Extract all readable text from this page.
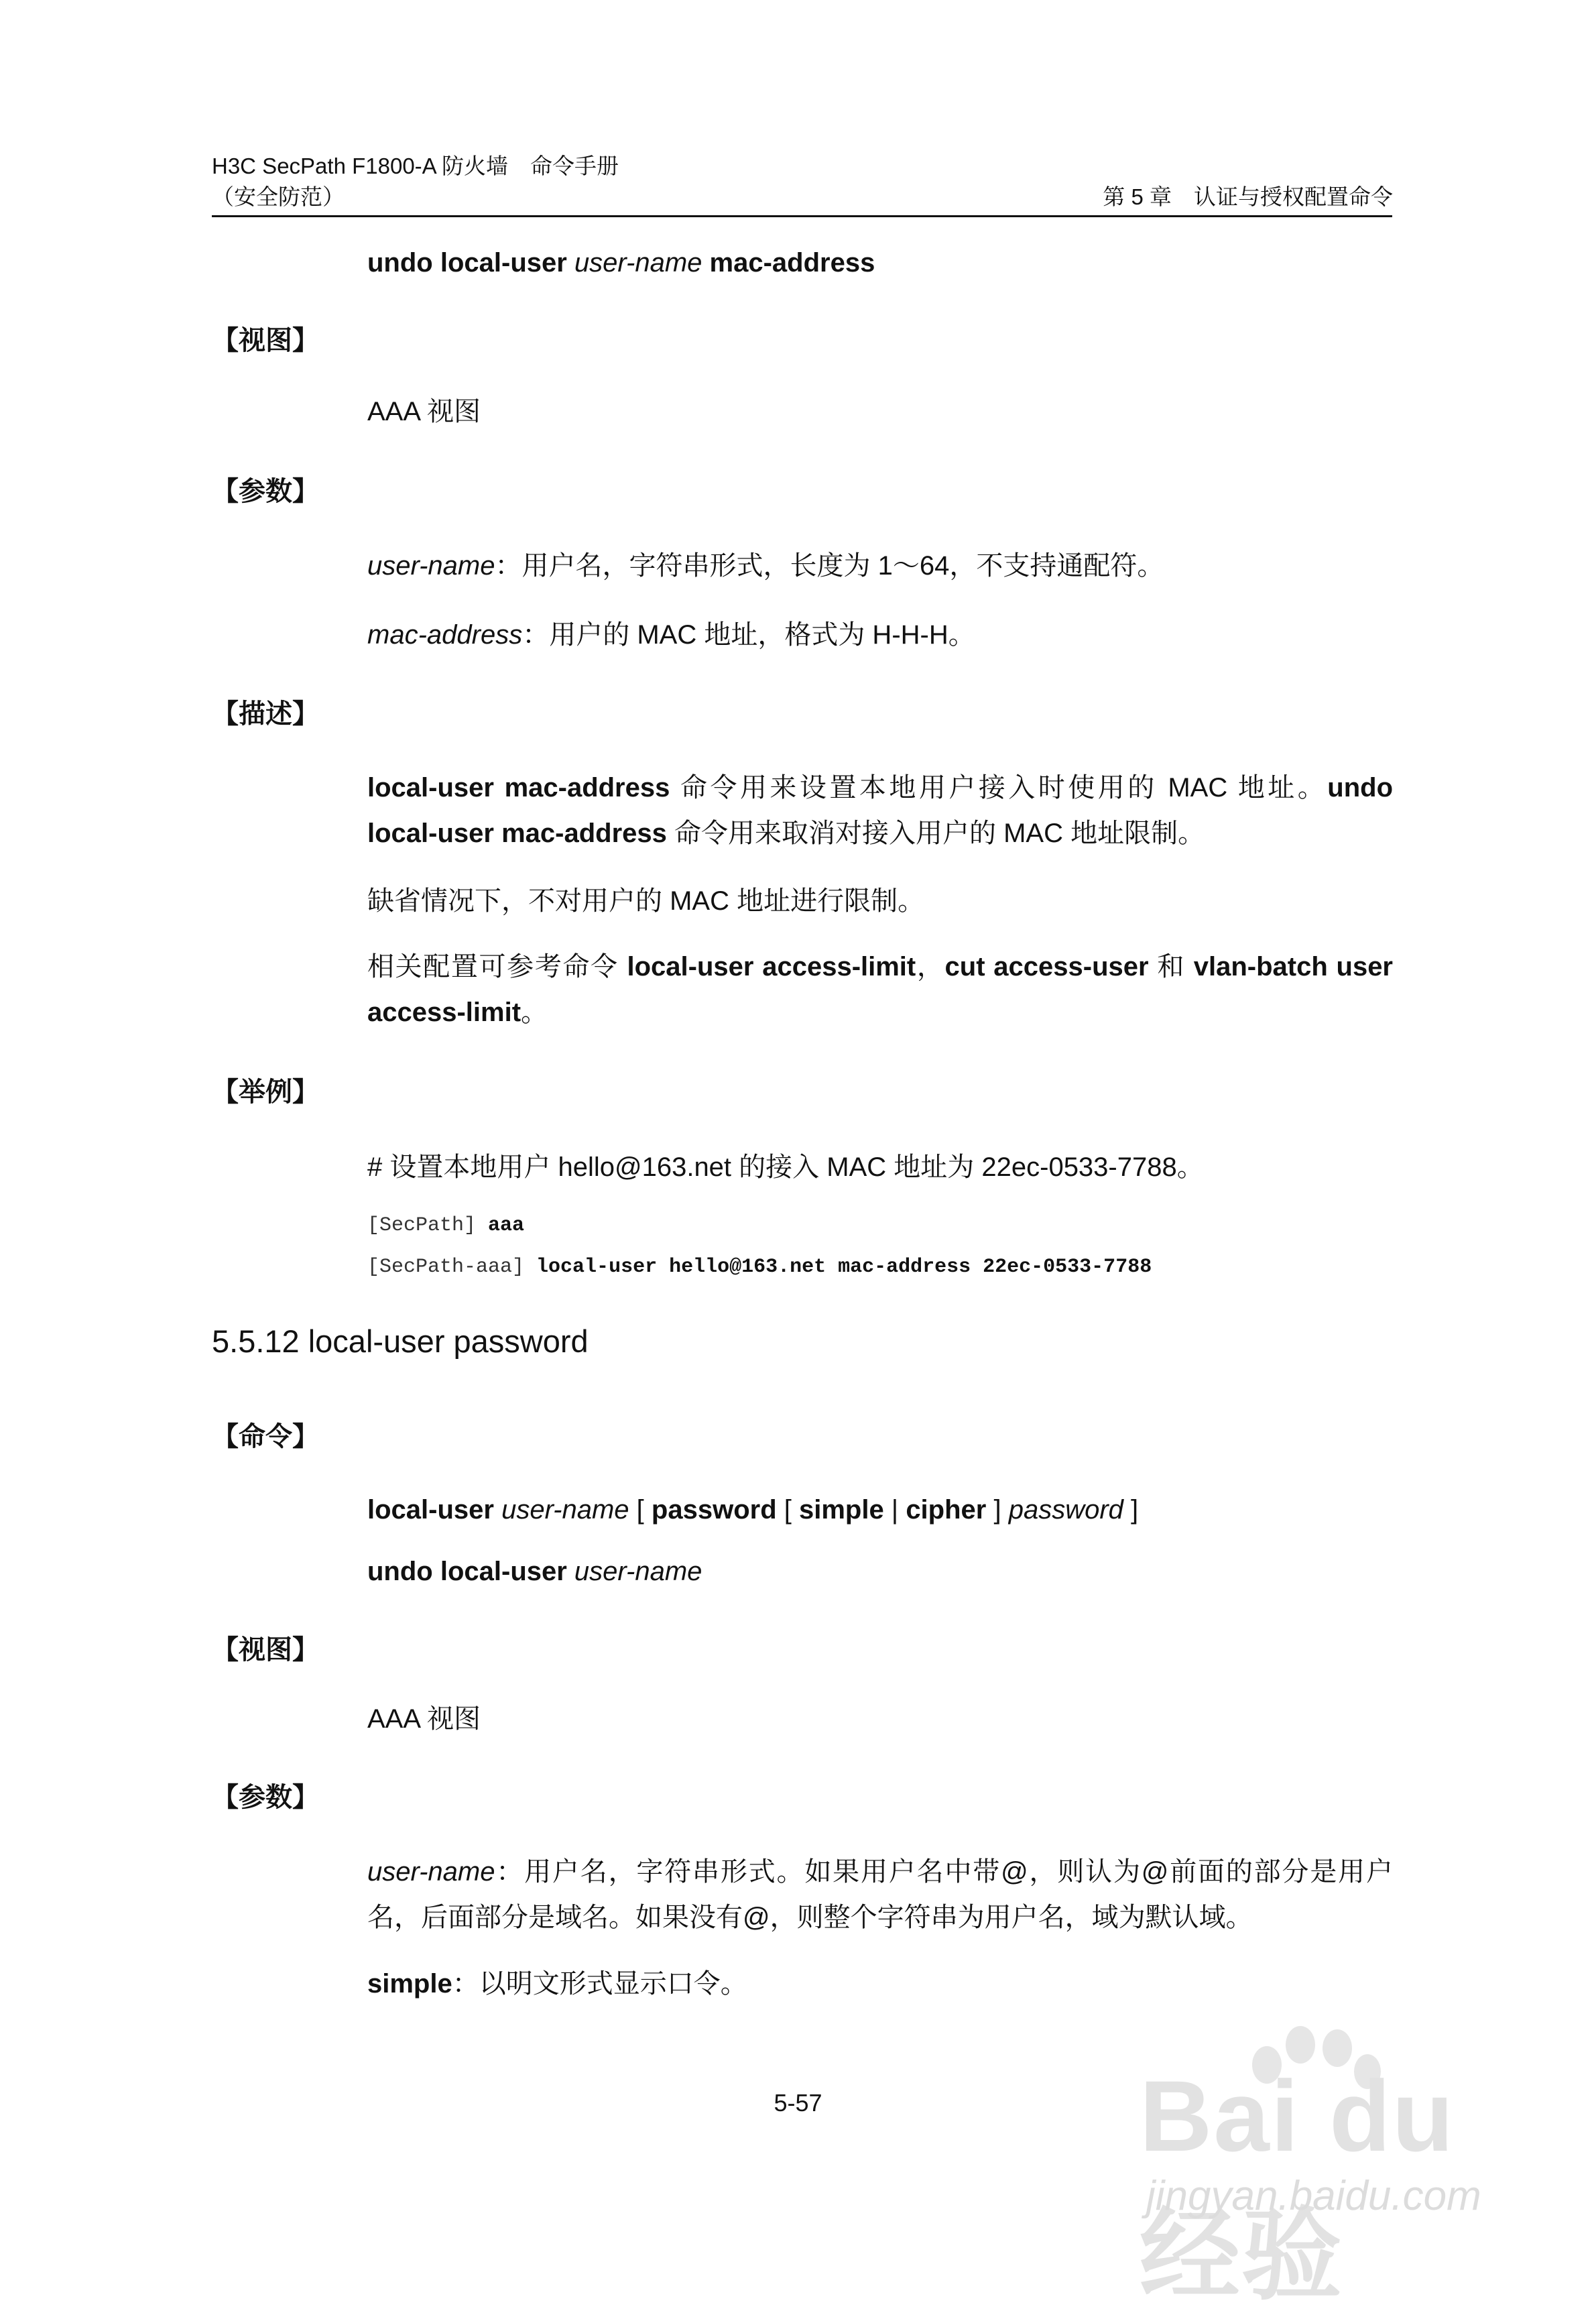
H3C SecPath F1800-A 防火墙　命令手册
（安全防范）	第 5 章　认证与授权配置命令
undo local-user user-name mac-address
【视图】
AAA 视图
【参数】
user-name：用户名，字符串形式，长度为 1～64，不支持通配符。
mac-address：用户的 MAC 地址，格式为 H-H-H。
【描述】
local-user mac-address 命令用来设置本地用户接入时使用的 MAC 地址。undo local-user mac-address 命令用来取消对接入用户的 MAC 地址限制。
缺省情况下，不对用户的 MAC 地址进行限制。
相关配置可参考命令 local-user access-limit，cut access-user 和 vlan-batch user access-limit。
【举例】
# 设置本地用户 hello@163.net 的接入 MAC 地址为 22ec-0533-7788。
[SecPath] aaa
[SecPath-aaa] local-user hello@163.net mac-address 22ec-0533-7788
5.5.12 local-user password
【命令】
local-user user-name [ password [ simple | cipher ] password ]
undo local-user user-name
【视图】
AAA 视图
【参数】
user-name：用户名，字符串形式。如果用户名中带@，则认为@前面的部分是用户名，后面部分是域名。如果没有@，则整个字符串为用户名，域为默认域。
simple：以明文形式显示口令。
5-57	Bai du 经验
jingyan.baidu.com
